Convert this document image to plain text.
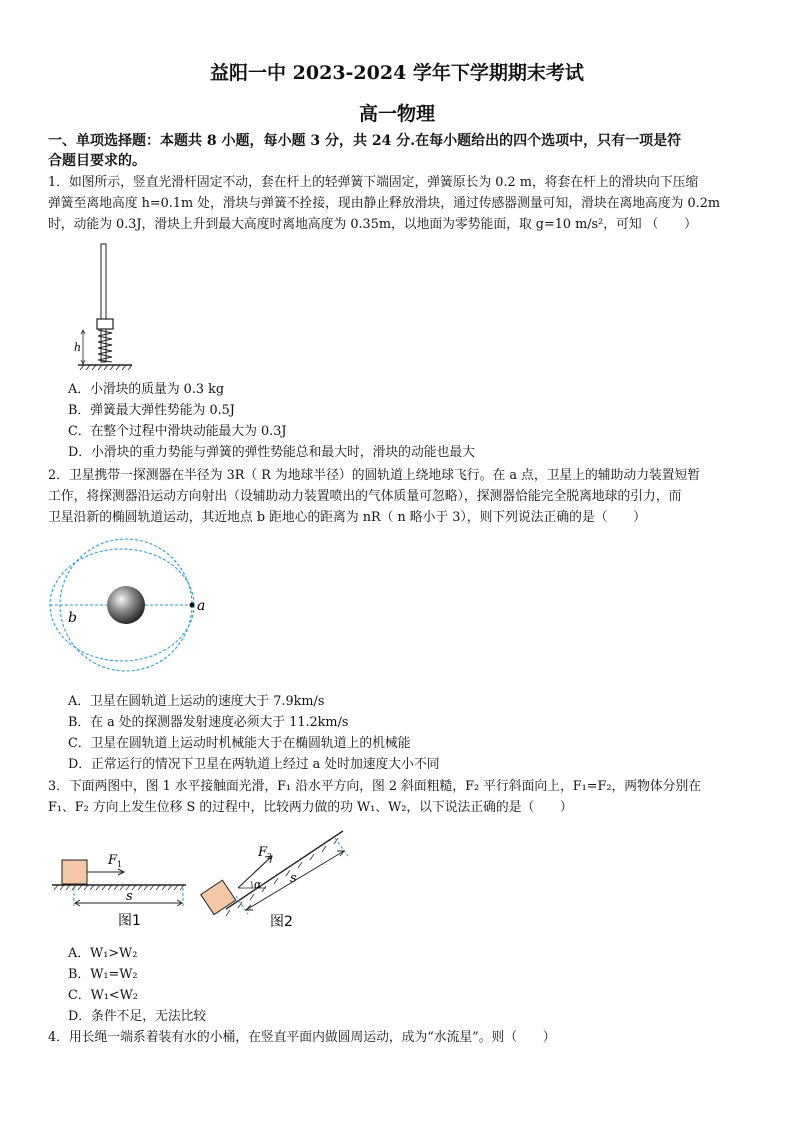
益阳一中 2023-2024 学年下学期期末考试
高一物理
一、单项选择题：本题共 8 小题，每小题 3 分，共 24 分.在每小题给出的四个选项中，只有一项是符
合题目要求的。
1．如图所示，竖直光滑杆固定不动，套在杆上的轻弹簧下端固定，弹簧原长为 0.2 m，将套在杆上的滑块向下压缩
弹簧至离地高度 h=0.1m 处，滑块与弹簧不拴接，现由静止释放滑块，通过传感器测量可知，滑块在离地高度为 0.2m
时，动能为 0.3J，滑块上升到最大高度时离地高度为 0.35m，以地面为零势能面，取 g=10 m/s²，可知 （　　）
h
A．小滑块的质量为 0.3 kg
B．弹簧最大弹性势能为 0.5J
C．在整个过程中滑块动能最大为 0.3J
D．小滑块的重力势能与弹簧的弹性势能总和最大时，滑块的动能也最大
2．卫星携带一探测器在半径为 3R（ R 为地球半径）的圆轨道上绕地球飞行。在 a 点，卫星上的辅助动力装置短暂
工作，将探测器沿运动方向射出（设辅助动力装置喷出的气体质量可忽略），探测器恰能完全脱离地球的引力，而
卫星沿新的椭圆轨道运动，其近地点 b 距地心的距离为 nR（ n 略小于 3），则下列说法正确的是（　　）
a
b
A．卫星在圆轨道上运动的速度大于 7.9km/s
B．在 a 处的探测器发射速度必须大于 11.2km/s
C．卫星在圆轨道上运动时机械能大于在椭圆轨道上的机械能
D．正常运行的情况下卫星在两轨道上经过 a 处时加速度大小不同
3．下面两图中，图 1 水平接触面光滑，F₁ 沿水平方向，图 2 斜面粗糙，F₂ 平行斜面向上，F₁=F₂，两物体分别在
F₁、F₂ 方向上发生位移 S 的过程中，比较两力做的功 W₁、W₂，以下说法正确的是（　　）
F 1
s
图1
F 2
α s
图2
A．W₁>W₂
B．W₁=W₂
C．W₁<W₂
D．条件不足，无法比较
4．用长绳一端系着装有水的小桶，在竖直平面内做圆周运动，成为“水流星”。则（　　）
